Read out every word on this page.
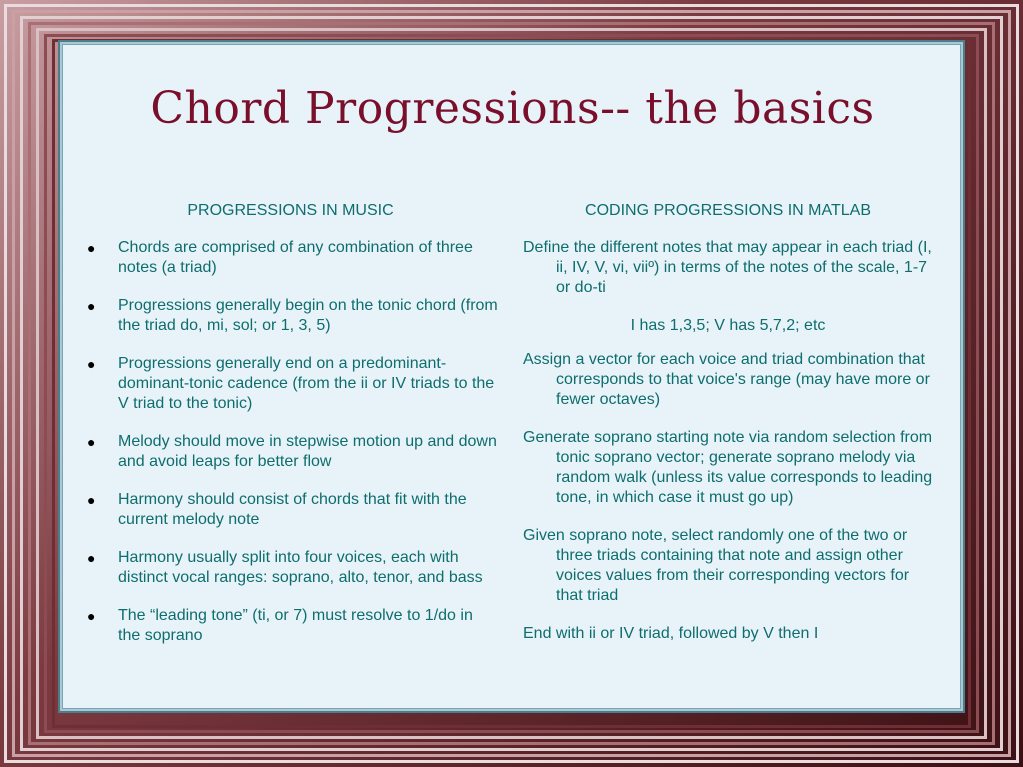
Chord Progressions-- the basics
PROGRESSIONS IN MUSIC
● Chords are comprised of any combination of three notes (a triad)
● Progressions generally begin on the tonic chord (from the triad do, mi, sol; or 1, 3, 5)
● Progressions generally end on a predominant-dominant-tonic cadence (from the ii or IV triads to the V triad to the tonic)
● Melody should move in stepwise motion up and down and avoid leaps for better flow
● Harmony should consist of chords that fit with the current melody note
● Harmony usually split into four voices, each with distinct vocal ranges: soprano, alto, tenor, and bass
● The “leading tone” (ti, or 7) must resolve to 1/do in the soprano
CODING PROGRESSIONS IN MATLAB
Define the different notes that may appear in each triad (I, ii, IV, V, vi, viiº) in terms of the notes of the scale, 1-7 or do-ti
I has 1,3,5; V has 5,7,2; etc
Assign a vector for each voice and triad combination that corresponds to that voice's range (may have more or fewer octaves)
Generate soprano starting note via random selection from tonic soprano vector; generate soprano melody via random walk (unless its value corresponds to leading tone, in which case it must go up)
Given soprano note, select randomly one of the two or three triads containing that note and assign other voices values from their corresponding vectors for that triad
End with ii or IV triad, followed by V then I
